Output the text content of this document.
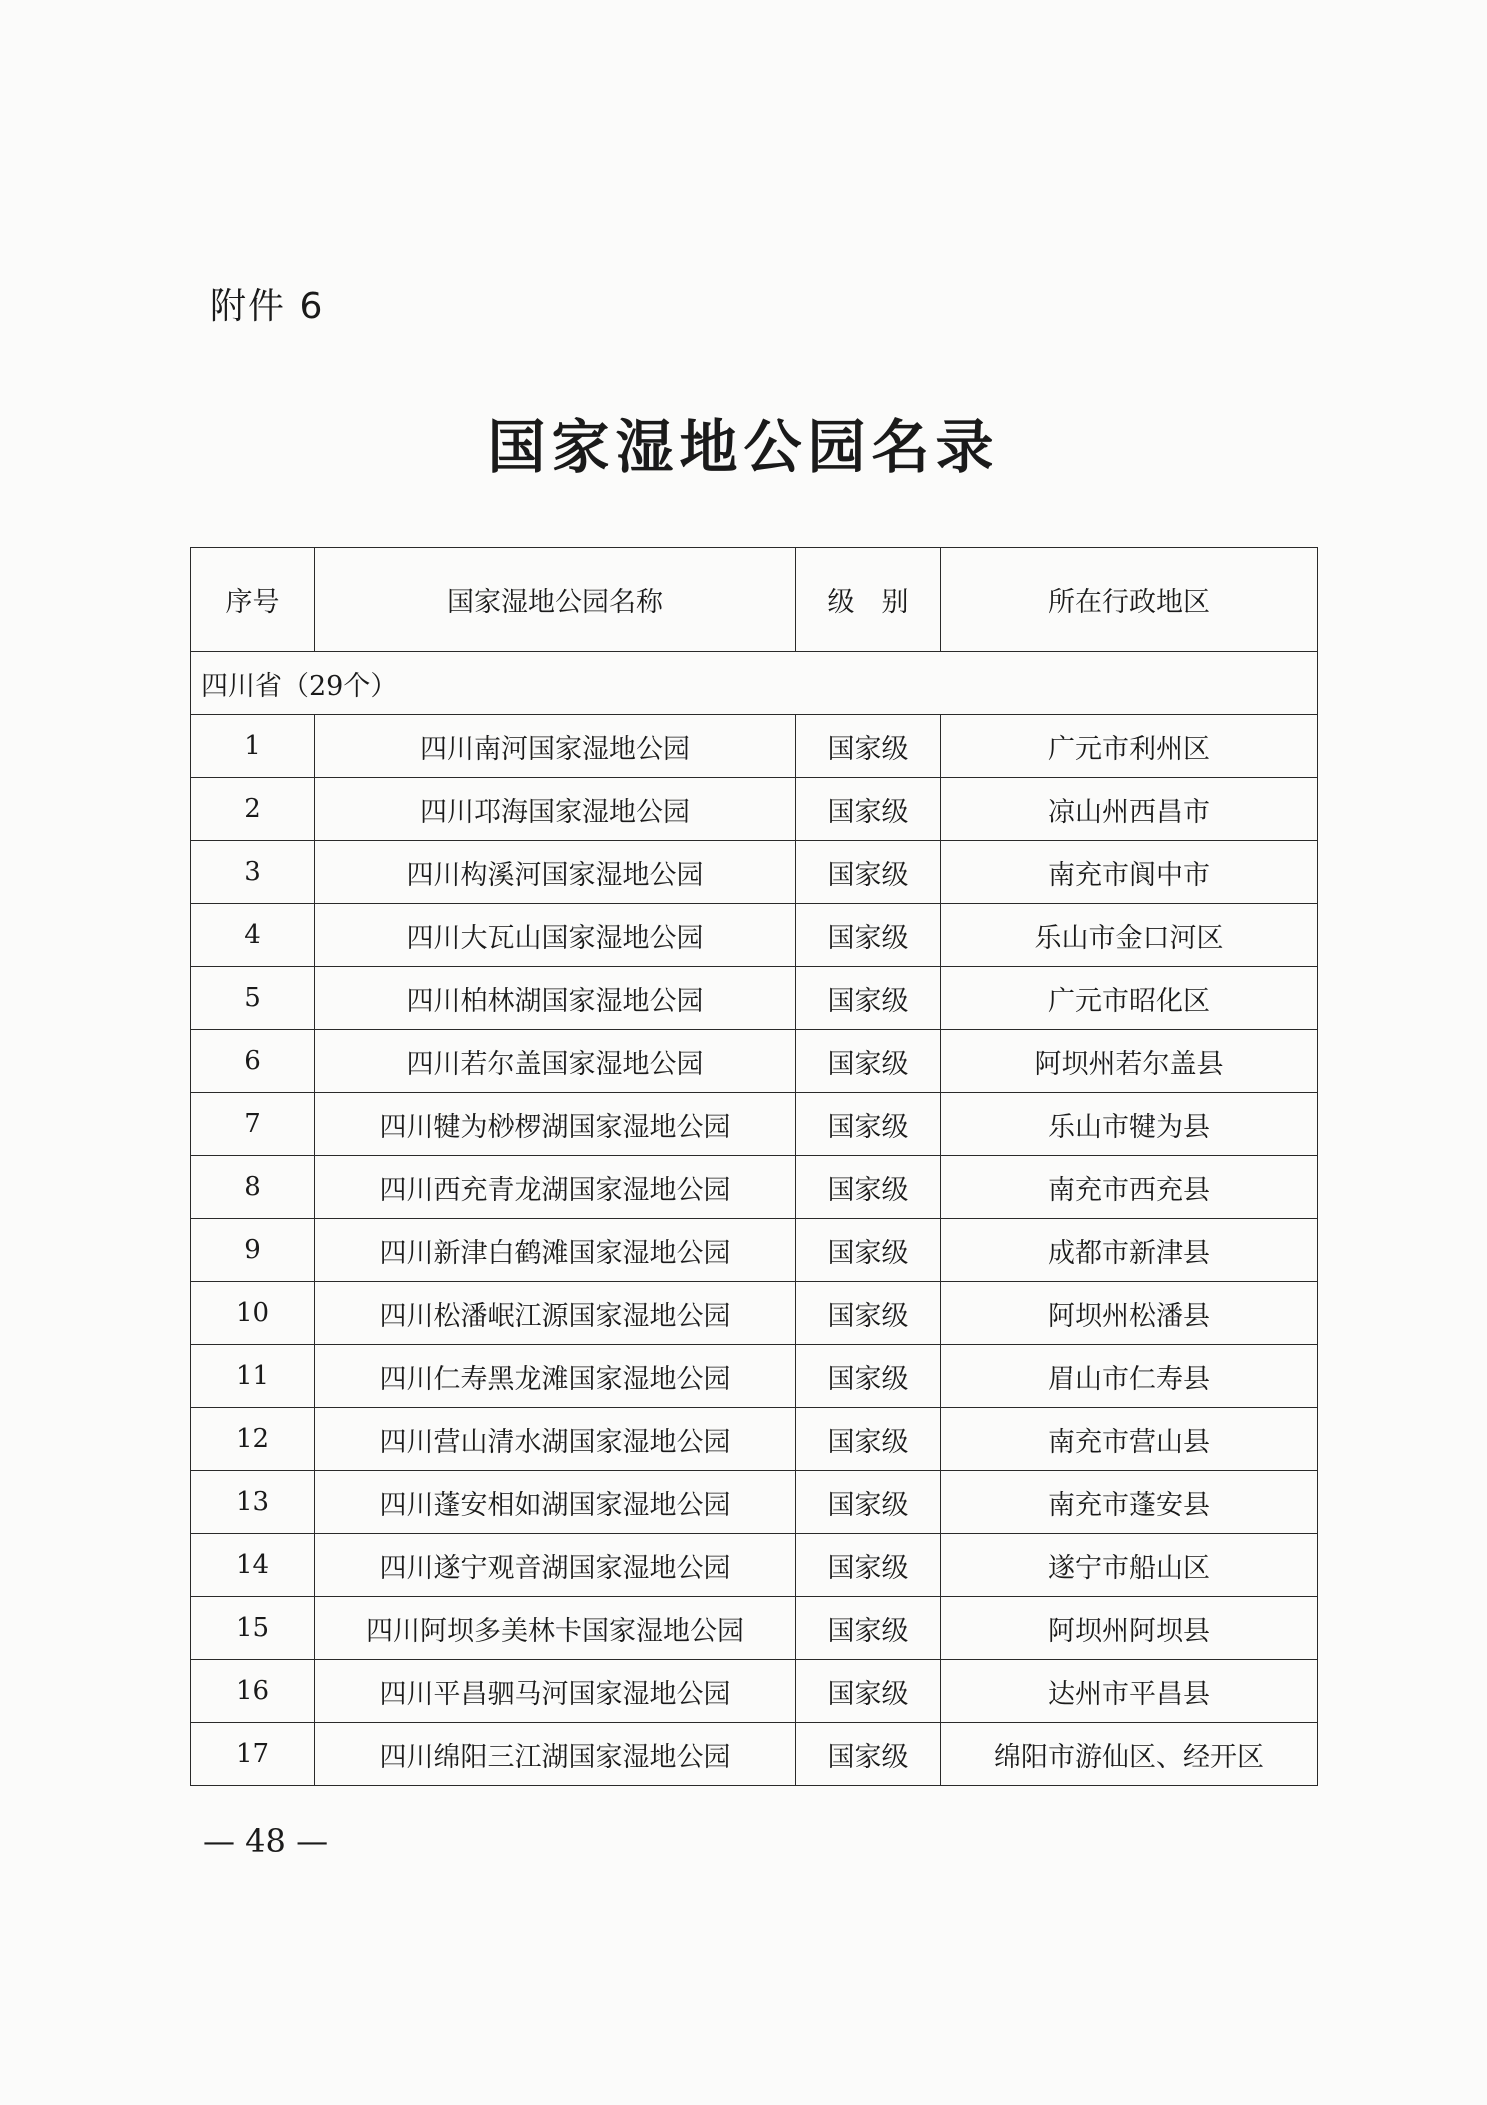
附件 6
国家湿地公园名录
序号	国家湿地公园名称	级　别	所在行政地区
四川省（29个）			
1	四川南河国家湿地公园	国家级	广元市利州区
2	四川邛海国家湿地公园	国家级	凉山州西昌市
3	四川构溪河国家湿地公园	国家级	南充市阆中市
4	四川大瓦山国家湿地公园	国家级	乐山市金口河区
5	四川柏林湖国家湿地公园	国家级	广元市昭化区
6	四川若尔盖国家湿地公园	国家级	阿坝州若尔盖县
7	四川犍为桫椤湖国家湿地公园	国家级	乐山市犍为县
8	四川西充青龙湖国家湿地公园	国家级	南充市西充县
9	四川新津白鹤滩国家湿地公园	国家级	成都市新津县
10	四川松潘岷江源国家湿地公园	国家级	阿坝州松潘县
11	四川仁寿黑龙滩国家湿地公园	国家级	眉山市仁寿县
12	四川营山清水湖国家湿地公园	国家级	南充市营山县
13	四川蓬安相如湖国家湿地公园	国家级	南充市蓬安县
14	四川遂宁观音湖国家湿地公园	国家级	遂宁市船山区
15	四川阿坝多美林卡国家湿地公园	国家级	阿坝州阿坝县
16	四川平昌驷马河国家湿地公园	国家级	达州市平昌县
17	四川绵阳三江湖国家湿地公园	国家级	绵阳市游仙区、经开区
— 48 —
